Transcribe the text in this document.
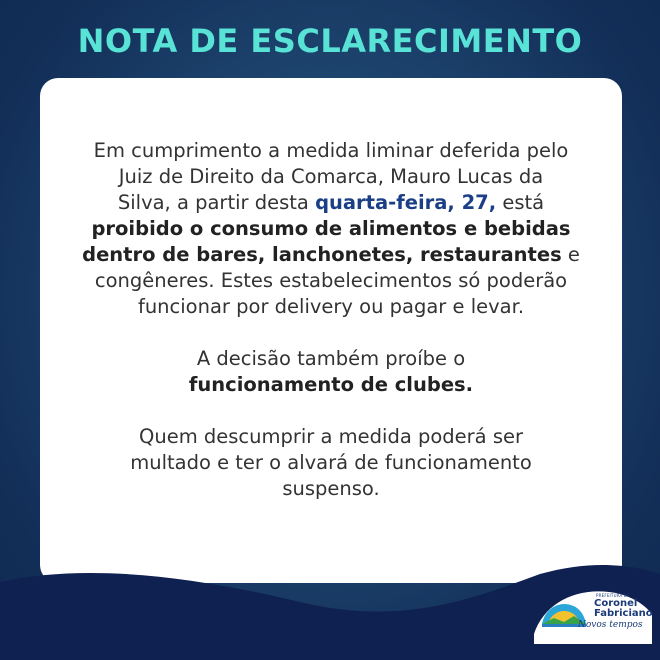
NOTA DE ESCLARECIMENTO

Em cumprimento a medida liminar deferida pelo
Juiz de Direito da Comarca, Mauro Lucas da
Silva, a partir desta quarta-feira, 27, está
proibido o consumo de alimentos e bebidas
dentro de bares, lanchonetes, restaurantes e
congêneres. Estes estabelecimentos só poderão
funcionar por delivery ou pagar e levar.

A decisão também proíbe o
funcionamento de clubes.

Quem descumprir a medida poderá ser
multado e ter o alvará de funcionamento
suspenso.

PREFEITURA DE
Coronel
Fabriciano
Novos tempos
